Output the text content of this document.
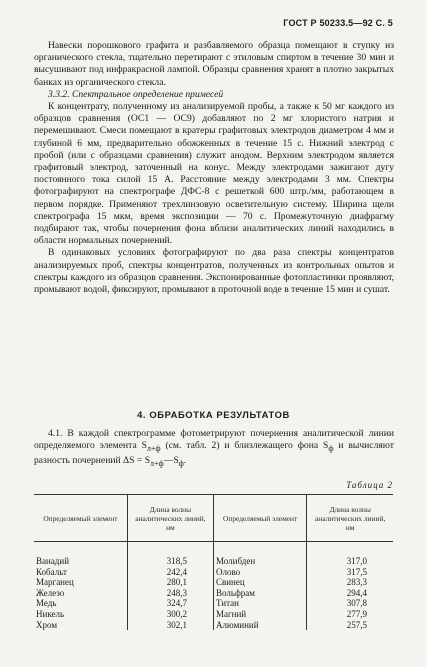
ГОСТ Р 50233.5—92 С. 5

Навески порошкового графита и разбавляемого образца помещают в ступку из органического стекла, тщательно перетирают с этиловым спиртом в течение 30 мин и высушивают под инфракрасной лампой. Образцы сравнения хранят в плотно закрытых банках из органического стекла.

3.3.2. Спектральное определение примесей

К концентрату, полученному из анализируемой пробы, а также к 50 мг каждого из образцов сравнения (ОС1 — ОС9) добавляют по 2 мг хлористого натрия и перемешивают. Смеси помещают в кратеры графитовых электродов диаметром 4 мм и глубиной 6 мм, предварительно обожженных в течение 15 с. Нижний электрод с пробой (или с образцами сравнения) служит анодом. Верхним электродом является графитовый электрод, заточенный на конус. Между электродами зажигают дугу постоянного тока силой 15 А. Расстояние между электродами 3 мм. Спектры фотографируют на спектрографе ДФС-8 с решеткой 600 штр./мм, работающем в первом порядке. Применяют трехлинзовую осветительную систему. Ширина щели спектрографа 15 мкм, время экспозиции — 70 с. Промежуточную диафрагму подбирают так, чтобы почернения фона вблизи аналитических линий находились в области нормальных почернений.

В одинаковых условиях фотографируют по два раза спектры концентратов анализируемых проб, спектры концентратов, полученных из контрольных опытов и спектры каждого из образцов сравнения. Экспонированные фотопластинки проявляют, промывают водой, фиксируют, промывают в проточной воде в течение 15 мин и сушат.

4. ОБРАБОТКА РЕЗУЛЬТАТОВ

4.1. В каждой спектрограмме фотометрируют почернения аналитической линии определяемого элемента $S_{л+ф}$ (см. табл. 2) и близлежащего фона $S_ф$ и вычисляют разность почернений $\Delta S = S_{л+ф}—S_ф$.

Таблица 2
Определяемый элемент	Длина волны аналитических линий, нм	Определяемый элемент	Длина волны аналитических линий, нм
Ванадий	318,5	Молибден	317,0
Кобальт	242,4	Олово	317,5
Марганец	280,1	Свинец	283,3
Железо	248,3	Вольфрам	294,4
Медь	324,7	Титан	307,8
Никель	300,2	Магний	277,9
Хром	302,1	Алюминий	257,5
